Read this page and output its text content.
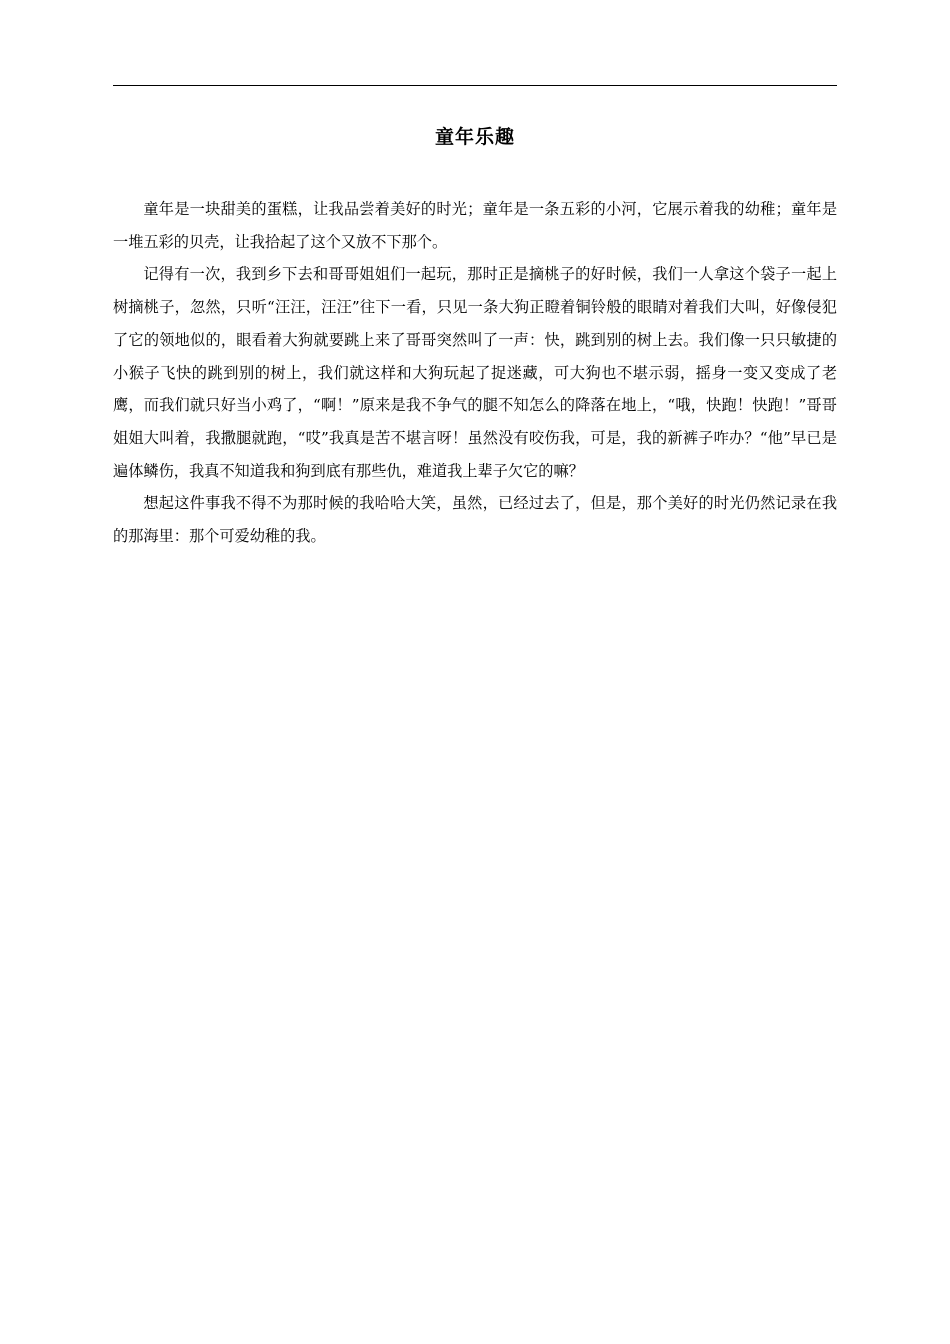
童年乐趣

童年是一块甜美的蛋糕，让我品尝着美好的时光；童年是一条五彩的小河，它展示着我的幼稚；童年是一堆五彩的贝壳，让我拾起了这个又放不下那个。

记得有一次，我到乡下去和哥哥姐姐们一起玩，那时正是摘桃子的好时候，我们一人拿这个袋子一起上树摘桃子，忽然，只听“汪汪，汪汪”往下一看，只见一条大狗正瞪着铜铃般的眼睛对着我们大叫，好像侵犯了它的领地似的，眼看着大狗就要跳上来了哥哥突然叫了一声：快，跳到别的树上去。我们像一只只敏捷的小猴子飞快的跳到别的树上，我们就这样和大狗玩起了捉迷藏，可大狗也不堪示弱，摇身一变又变成了老鹰，而我们就只好当小鸡了，“啊！”原来是我不争气的腿不知怎么的降落在地上，“哦，快跑！快跑！”哥哥姐姐大叫着，我撒腿就跑，“哎”我真是苦不堪言呀！虽然没有咬伤我，可是，我的新裤子咋办？“他”早已是遍体鳞伤，我真不知道我和狗到底有那些仇，难道我上辈子欠它的嘛？

想起这件事我不得不为那时候的我哈哈大笑，虽然，已经过去了，但是，那个美好的时光仍然记录在我的那海里：那个可爱幼稚的我。
